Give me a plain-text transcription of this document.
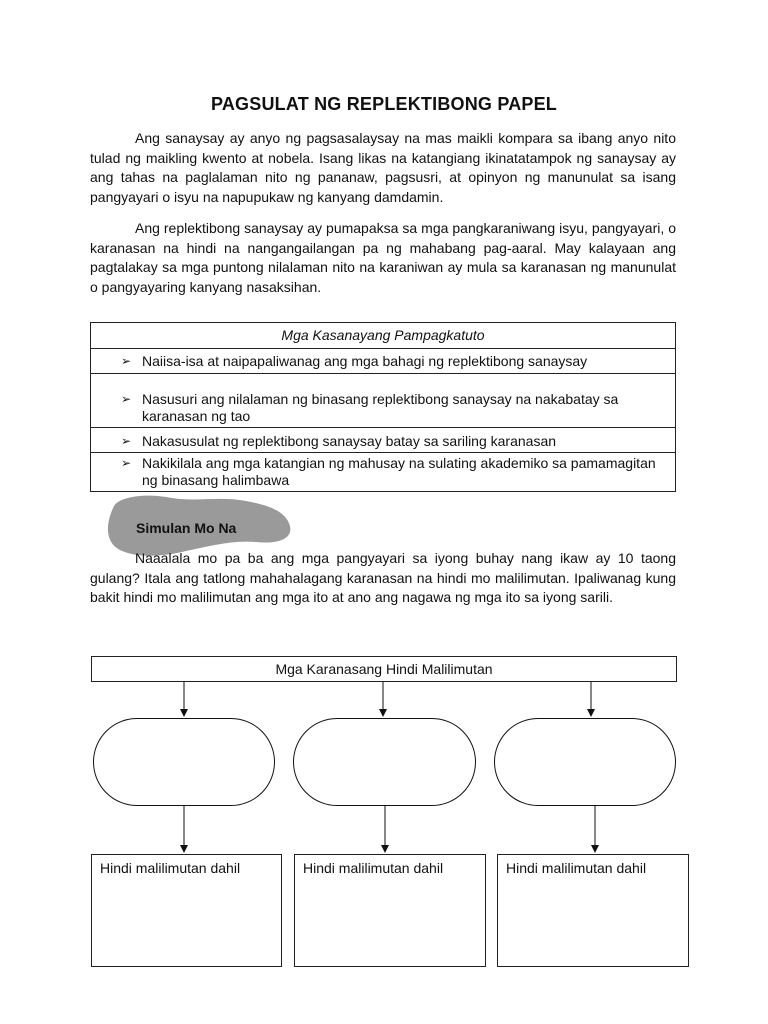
PAGSULAT NG REPLEKTIBONG PAPEL

Ang sanaysay ay anyo ng pagsasalaysay na mas maikli kompara sa ibang anyo nito tulad ng maikling kwento at nobela. Isang likas na katangiang ikinatatampok ng sanaysay ay ang tahas na paglalaman nito ng pananaw, pagsusri, at opinyon ng manunulat sa isang pangyayari o isyu na napupukaw ng kanyang damdamin.

Ang replektibong sanaysay ay pumapaksa sa mga pangkaraniwang isyu, pangyayari, o karanasan na hindi na nangangailangan pa ng mahabang pag-aaral. May kalayaan ang pagtalakay sa mga puntong nilalaman nito na karaniwan ay mula sa karanasan ng manunulat o pangyayaring kanyang nasaksihan.

Mga Kasanayang Pampagkatuto
➢ Naiisa-isa at naipapaliwanag ang mga bahagi ng replektibong sanaysay
➢ Nasusuri ang nilalaman ng binasang replektibong sanaysay na nakabatay sa karanasan ng tao
➢ Nakasusulat ng replektibong sanaysay batay sa sariling karanasan
➢ Nakikilala ang mga katangian ng mahusay na sulating akademiko sa pamamagitan ng binasang halimbawa
Simulan Mo Na

Naaalala mo pa ba ang mga pangyayari sa iyong buhay nang ikaw ay 10 taong gulang? Itala ang tatlong mahahalagang karanasan na hindi mo malilimutan. Ipaliwanag kung bakit hindi mo malilimutan ang mga ito at ano ang nagawa ng mga ito sa iyong sarili.

Mga Karanasang Hindi Malilimutan
Hindi malilimutan dahil	Hindi malilimutan dahil	Hindi malilimutan dahil
